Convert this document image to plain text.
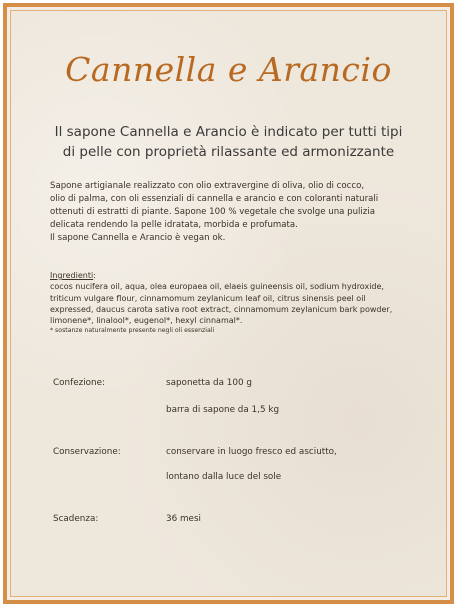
Cannella e Arancio
Il sapone Cannella e Arancio è indicato per tutti tipi
di pelle con proprietà rilassante ed armonizzante
Sapone artigianale realizzato con olio extravergine di oliva, olio di cocco,
olio di palma, con oli essenziali di cannella e arancio e con coloranti naturali
ottenuti di estratti di piante. Sapone 100 % vegetale che svolge una pulizia
delicata rendendo la pelle idratata, morbida e profumata.
Il sapone Cannella e Arancio è vegan ok.
Ingredienti:
cocos nucifera oil, aqua, olea europaea oil, elaeis guineensis oil, sodium hydroxide,
triticum vulgare flour, cinnamomum zeylanicum leaf oil, citrus sinensis peel oil
expressed, daucus carota sativa root extract, cinnamomum zeylanicum bark powder,
limonene*, linalool*, eugenol*, hexyl cinnamal*.
* sostanze naturalmente presente negli oli essenziali
Confezione:	saponetta da 100 g
barra di sapone da 1,5 kg
Conservazione:	conservare in luogo fresco ed asciutto,
lontano dalla luce del sole
Scadenza:	36 mesi
